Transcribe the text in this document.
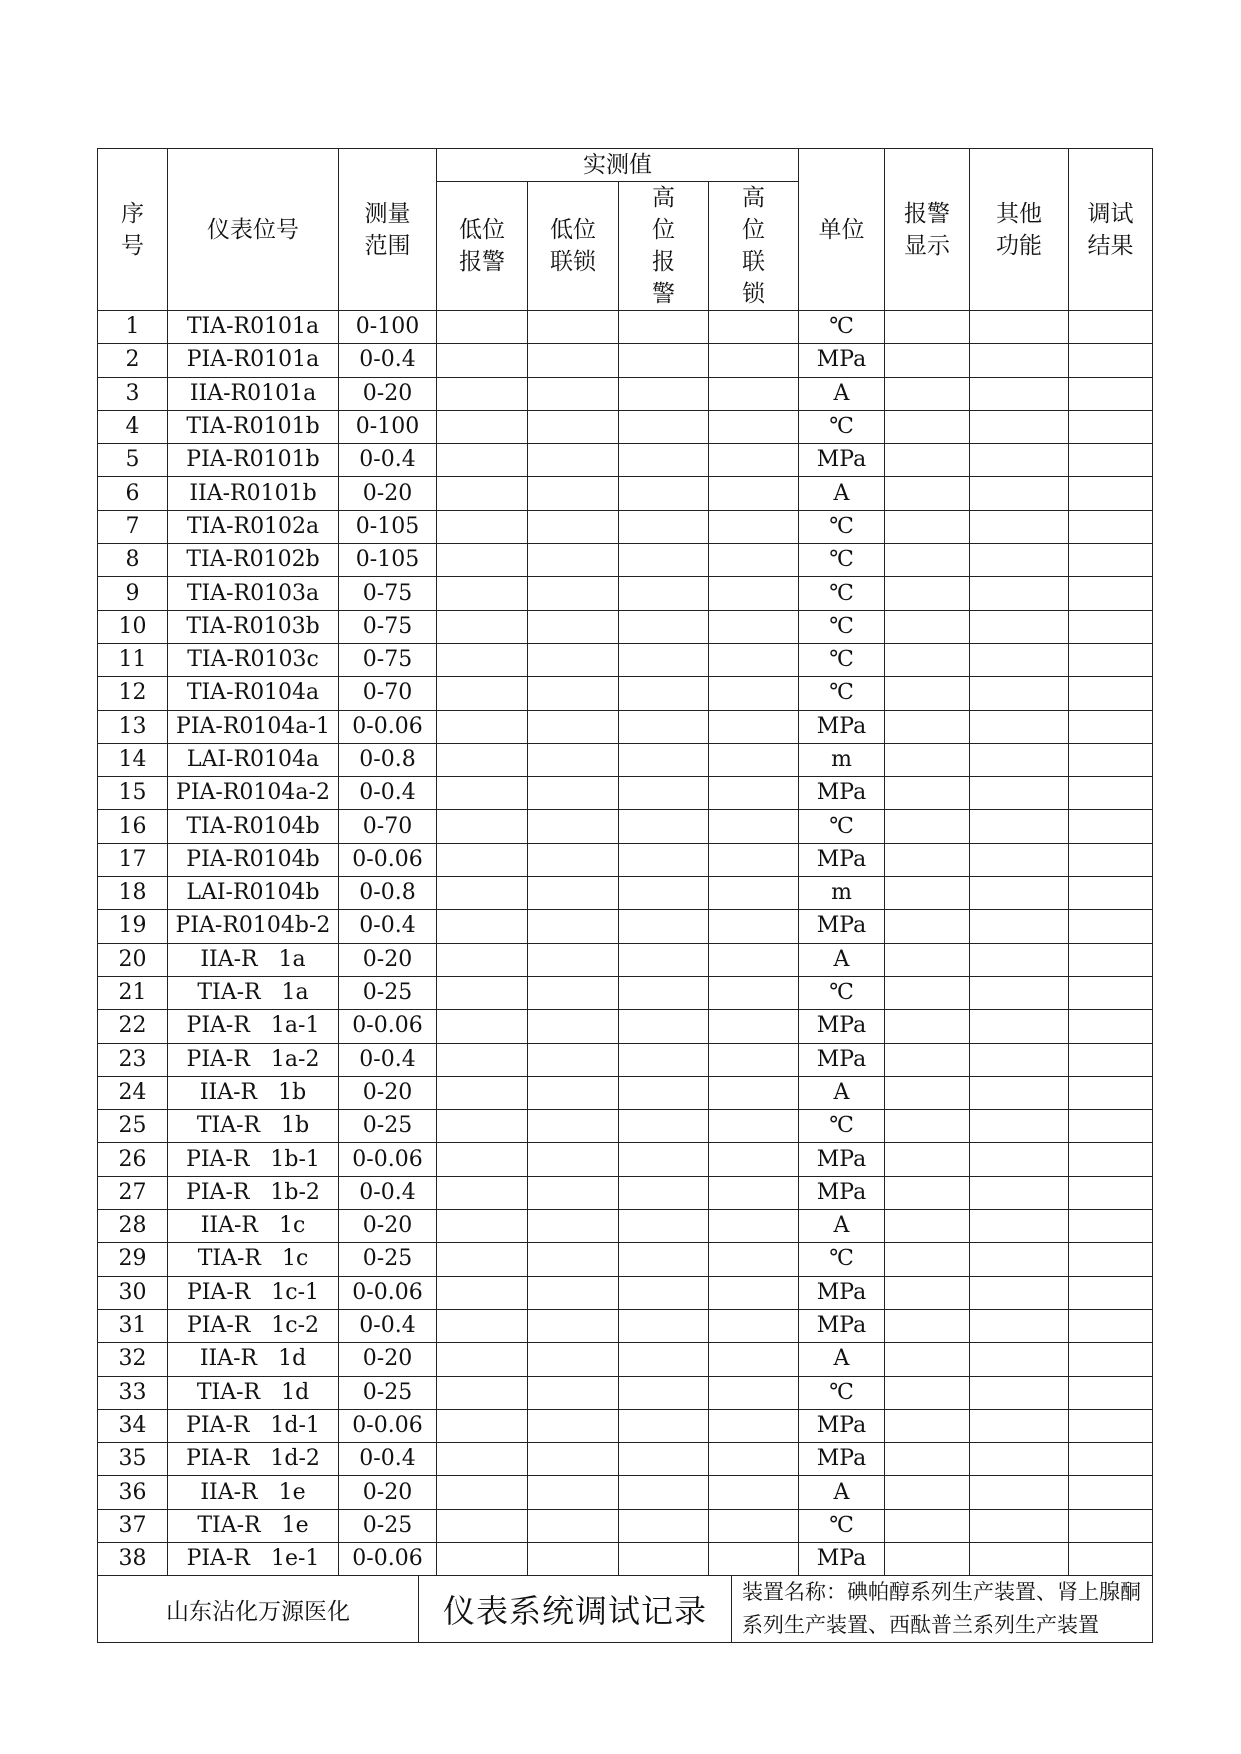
序号	仪表位号	测量范围	实测值				单位	报警显示	其他功能	调试结果
			低位报警	低位联锁	高位报警	高位联锁				
1	TIA-R0101a	0-100					℃			
2	PIA-R0101a	0-0.4					MPa			
3	IIA-R0101a	0-20					A			
4	TIA-R0101b	0-100					℃			
5	PIA-R0101b	0-0.4					MPa			
6	IIA-R0101b	0-20					A			
7	TIA-R0102a	0-105					℃			
8	TIA-R0102b	0-105					℃			
9	TIA-R0103a	0-75					℃			
10	TIA-R0103b	0-75					℃			
11	TIA-R0103c	0-75					℃			
12	TIA-R0104a	0-70					℃			
13	PIA-R0104a-1	0-0.06					MPa			
14	LAI-R0104a	0-0.8					m			
15	PIA-R0104a-2	0-0.4					MPa			
16	TIA-R0104b	0-70					℃			
17	PIA-R0104b	0-0.06					MPa			
18	LAI-R0104b	0-0.8					m			
19	PIA-R0104b-2	0-0.4					MPa			
20	IIA-R   1a	0-20					A			
21	TIA-R   1a	0-25					℃			
22	PIA-R   1a-1	0-0.06					MPa			
23	PIA-R   1a-2	0-0.4					MPa			
24	IIA-R   1b	0-20					A			
25	TIA-R   1b	0-25					℃			
26	PIA-R   1b-1	0-0.06					MPa			
27	PIA-R   1b-2	0-0.4					MPa			
28	IIA-R   1c	0-20					A			
29	TIA-R   1c	0-25					℃			
30	PIA-R   1c-1	0-0.06					MPa			
31	PIA-R   1c-2	0-0.4					MPa			
32	IIA-R   1d	0-20					A			
33	TIA-R   1d	0-25					℃			
34	PIA-R   1d-1	0-0.06					MPa			
35	PIA-R   1d-2	0-0.4					MPa			
36	IIA-R   1e	0-20					A			
37	TIA-R   1e	0-25					℃			
38	PIA-R   1e-1	0-0.06					MPa			
山东沾化万源医化	仪表系统调试记录	装置名称：碘帕醇系列生产装置、肾上腺酮系列生产装置、西酞普兰系列生产装置
